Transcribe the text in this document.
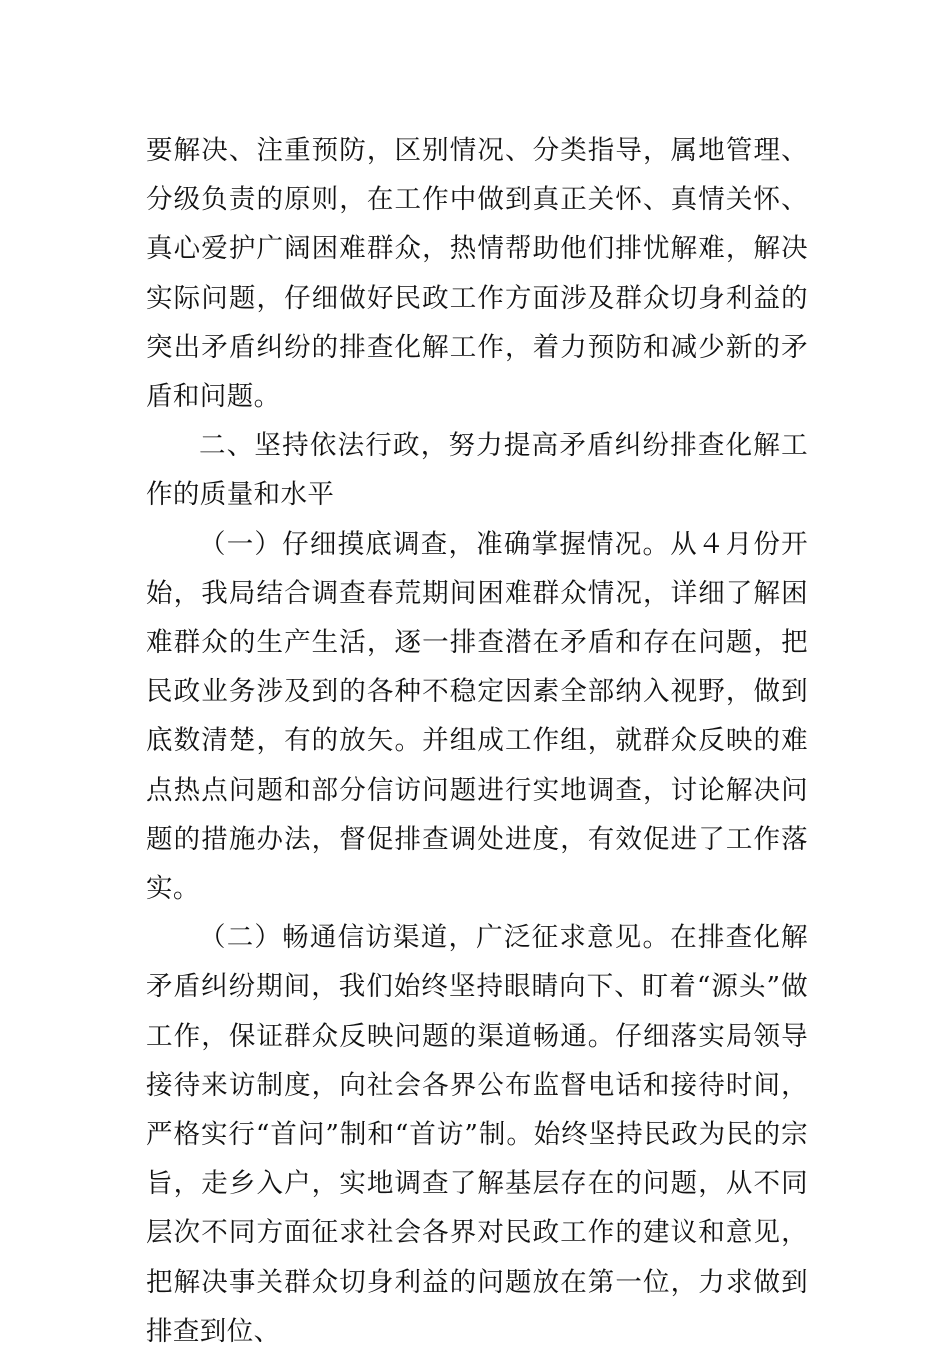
要解决、注重预防，区别情况、分类指导，属地管理、分级负责的原则，在工作中做到真正关怀、真情关怀、真心爱护广阔困难群众，热情帮助他们排忧解难，解决实际问题，仔细做好民政工作方面涉及群众切身利益的突出矛盾纠纷的排查化解工作，着力预防和减少新的矛盾和问题。

二、坚持依法行政，努力提高矛盾纠纷排查化解工作的质量和水平

（一）仔细摸底调查，准确掌握情况。从４月份开始，我局结合调查春荒期间困难群众情况，详细了解困难群众的生产生活，逐一排查潜在矛盾和存在问题，把民政业务涉及到的各种不稳定因素全部纳入视野，做到底数清楚，有的放矢。并组成工作组，就群众反映的难点热点问题和部分信访问题进行实地调查，讨论解决问题的措施办法，督促排查调处进度，有效促进了工作落实。

（二）畅通信访渠道，广泛征求意见。在排查化解矛盾纠纷期间，我们始终坚持眼睛向下、盯着“源头”做工作，保证群众反映问题的渠道畅通。仔细落实局领导接待来访制度，向社会各界公布监督电话和接待时间，严格实行“首问”制和“首访”制。始终坚持民政为民的宗旨，走乡入户，实地调查了解基层存在的问题，从不同层次不同方面征求社会各界对民政工作的建议和意见，把解决事关群众切身利益的问题放在第一位，力求做到排查到位、
